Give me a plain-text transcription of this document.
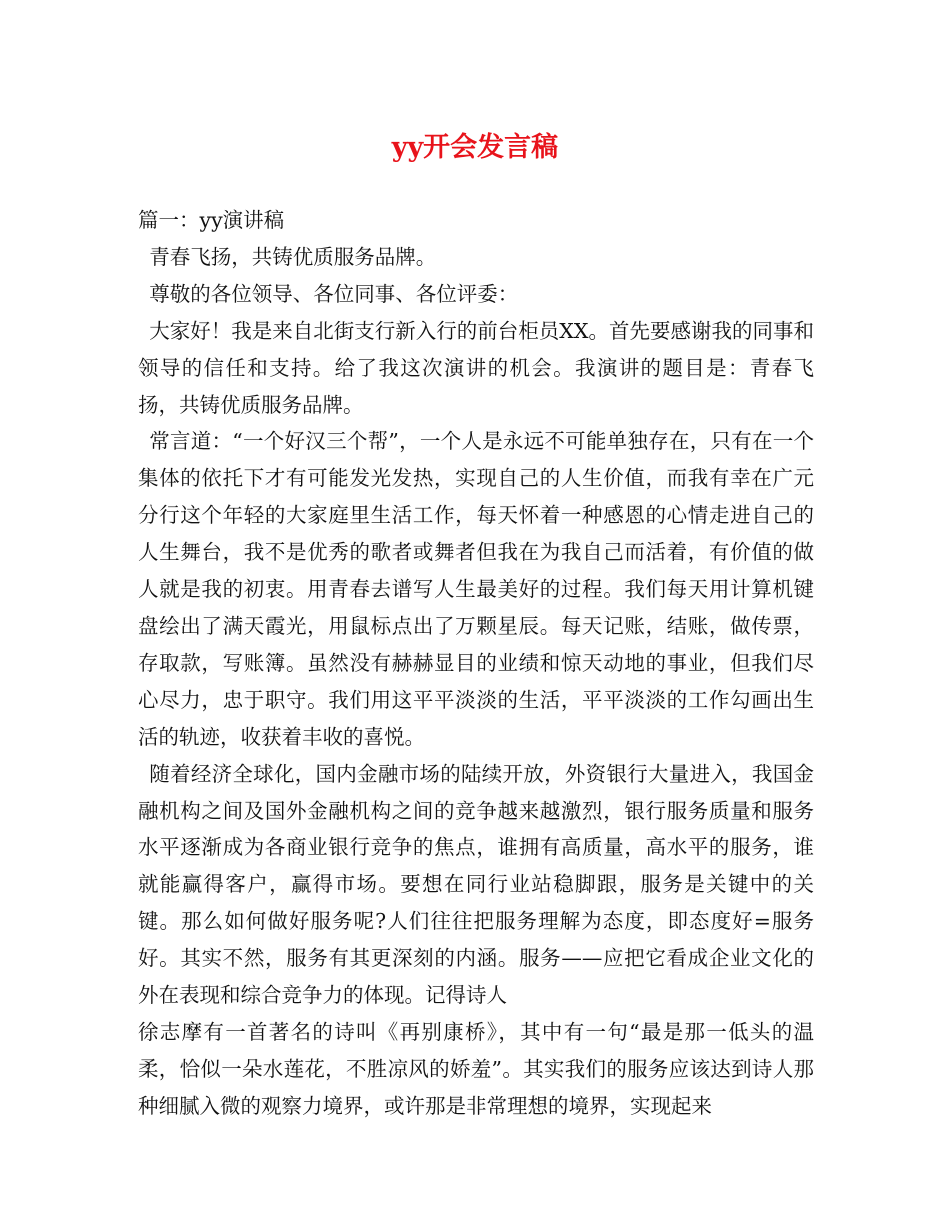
yy开会发言稿

篇一：yy演讲稿

青春飞扬，共铸优质服务品牌。

尊敬的各位领导、各位同事、各位评委：

大家好！我是来自北街支行新入行的前台柜员XX。首先要感谢我的同事和领导的信任和支持。给了我这次演讲的机会。我演讲的题目是：青春飞扬，共铸优质服务品牌。

常言道：“一个好汉三个帮”，一个人是永远不可能单独存在，只有在一个集体的依托下才有可能发光发热，实现自己的人生价值，而我有幸在广元分行这个年轻的大家庭里生活工作，每天怀着一种感恩的心情走进自己的人生舞台，我不是优秀的歌者或舞者但我在为我自己而活着，有价值的做人就是我的初衷。用青春去谱写人生最美好的过程。我们每天用计算机键盘绘出了满天霞光，用鼠标点出了万颗星辰。每天记账，结账，做传票，存取款，写账簿。虽然没有赫赫显目的业绩和惊天动地的事业，但我们尽心尽力，忠于职守。我们用这平平淡淡的生活，平平淡淡的工作勾画出生活的轨迹，收获着丰收的喜悦。

随着经济全球化，国内金融市场的陆续开放，外资银行大量进入，我国金融机构之间及国外金融机构之间的竞争越来越激烈，银行服务质量和服务水平逐渐成为各商业银行竞争的焦点，谁拥有高质量，高水平的服务，谁就能赢得客户，赢得市场。要想在同行业站稳脚跟，服务是关键中的关键。那么如何做好服务呢?人们往往把服务理解为态度，即态度好=服务好。其实不然，服务有其更深刻的内涵。服务——应把它看成企业文化的外在表现和综合竞争力的体现。记得诗人

徐志摩有一首著名的诗叫《再别康桥》，其中有一句“最是那一低头的温柔，恰似一朵水莲花，不胜凉风的娇羞”。其实我们的服务应该达到诗人那种细腻入微的观察力境界，或许那是非常理想的境界，实现起来
